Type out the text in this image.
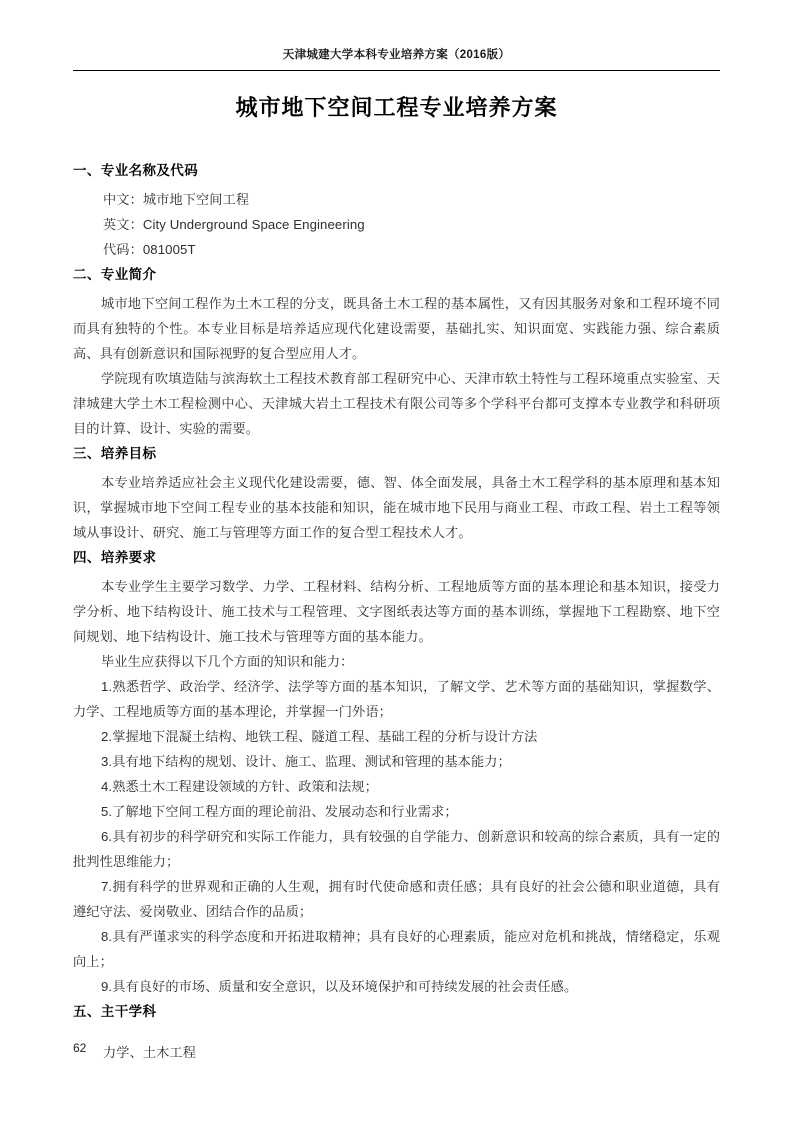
天津城建大学本科专业培养方案（2016版）
城市地下空间工程专业培养方案
一、专业名称及代码
中文：城市地下空间工程
英文：City Underground Space Engineering
代码：081005T
二、专业简介

城市地下空间工程作为土木工程的分支，既具备土木工程的基本属性，又有因其服务对象和工程环境不同而具有独特的个性。本专业目标是培养适应现代化建设需要，基础扎实、知识面宽、实践能力强、综合素质高、具有创新意识和国际视野的复合型应用人才。

学院现有吹填造陆与滨海软土工程技术教育部工程研究中心、天津市软土特性与工程环境重点实验室、天津城建大学土木工程检测中心、天津城大岩土工程技术有限公司等多个学科平台都可支撑本专业教学和科研项目的计算、设计、实验的需要。

三、培养目标

本专业培养适应社会主义现代化建设需要，德、智、体全面发展，具备土木工程学科的基本原理和基本知识，掌握城市地下空间工程专业的基本技能和知识，能在城市地下民用与商业工程、市政工程、岩土工程等领域从事设计、研究、施工与管理等方面工作的复合型工程技术人才。

四、培养要求

本专业学生主要学习数学、力学、工程材料、结构分析、工程地质等方面的基本理论和基本知识，接受力学分析、地下结构设计、施工技术与工程管理、文字图纸表达等方面的基本训练，掌握地下工程勘察、地下空间规划、地下结构设计、施工技术与管理等方面的基本能力。

毕业生应获得以下几个方面的知识和能力：

1.熟悉哲学、政治学、经济学、法学等方面的基本知识，了解文学、艺术等方面的基础知识，掌握数学、力学、工程地质等方面的基本理论，并掌握一门外语；

2.掌握地下混凝土结构、地铁工程、隧道工程、基础工程的分析与设计方法

3.具有地下结构的规划、设计、施工、监理、测试和管理的基本能力；

4.熟悉土木工程建设领域的方针、政策和法规；

5.了解地下空间工程方面的理论前沿、发展动态和行业需求；

6.具有初步的科学研究和实际工作能力，具有较强的自学能力、创新意识和较高的综合素质，具有一定的批判性思维能力；

7.拥有科学的世界观和正确的人生观，拥有时代使命感和责任感；具有良好的社会公德和职业道德，具有遵纪守法、爱岗敬业、团结合作的品质；

8.具有严谨求实的科学态度和开拓进取精神；具有良好的心理素质，能应对危机和挑战，情绪稳定，乐观向上；

9.具有良好的市场、质量和安全意识，以及环境保护和可持续发展的社会责任感。

五、主干学科
力学、土木工程
62
